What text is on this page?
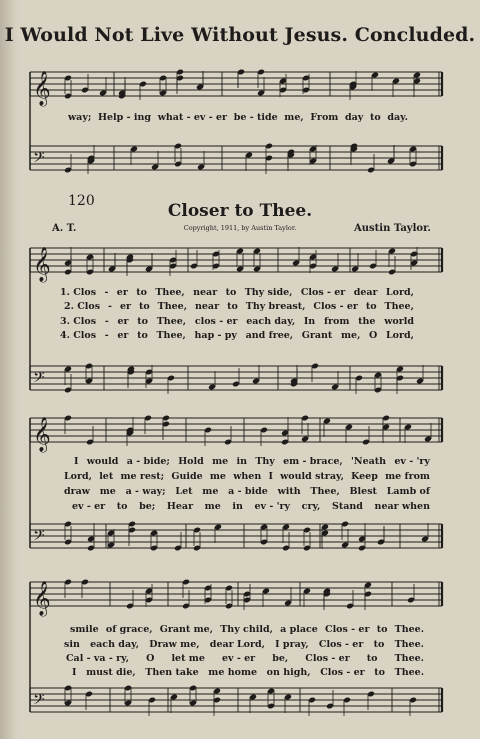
𝄞
𝄢
𝄞
𝄢
𝄞
𝄢
𝄞
𝄢
I Would Not Live Without Jesus. Concluded.
way; Help - ing what - ev - er be - tide me, From day to day.
120	Closer to Thee.
A. T.	Copyright, 1911, by Austin Taylor.	Austin Taylor.
1. Clos - er to Thee, near to Thy side, Clos - er dear Lord,
2. Clos - er to Thee, near to Thy breast, Clos - er to Thee,
3. Clos - er to Thee, clos - er each day, In from the world
4. Clos - er to Thee, hap - py and free, Grant me, O Lord,
I would a - bide; Hold me in Thy em - brace, 'Neath ev - 'ry
Lord, let me rest; Guide me when I would stray, Keep me from
draw me a - way; Let me a - bide with Thee, Blest Lamb of
ev - er to be; Hear me in ev - 'ry cry, Stand near when
smile of grace, Grant me, Thy child, a place Clos - er to Thee.
sin each day, Draw me, dear Lord, I pray, Clos - er to Thee.
Cal - va - ry, O let me ev - er be, Clos - er to Thee.
I must die, Then take me home on high, Clos - er to Thee.
